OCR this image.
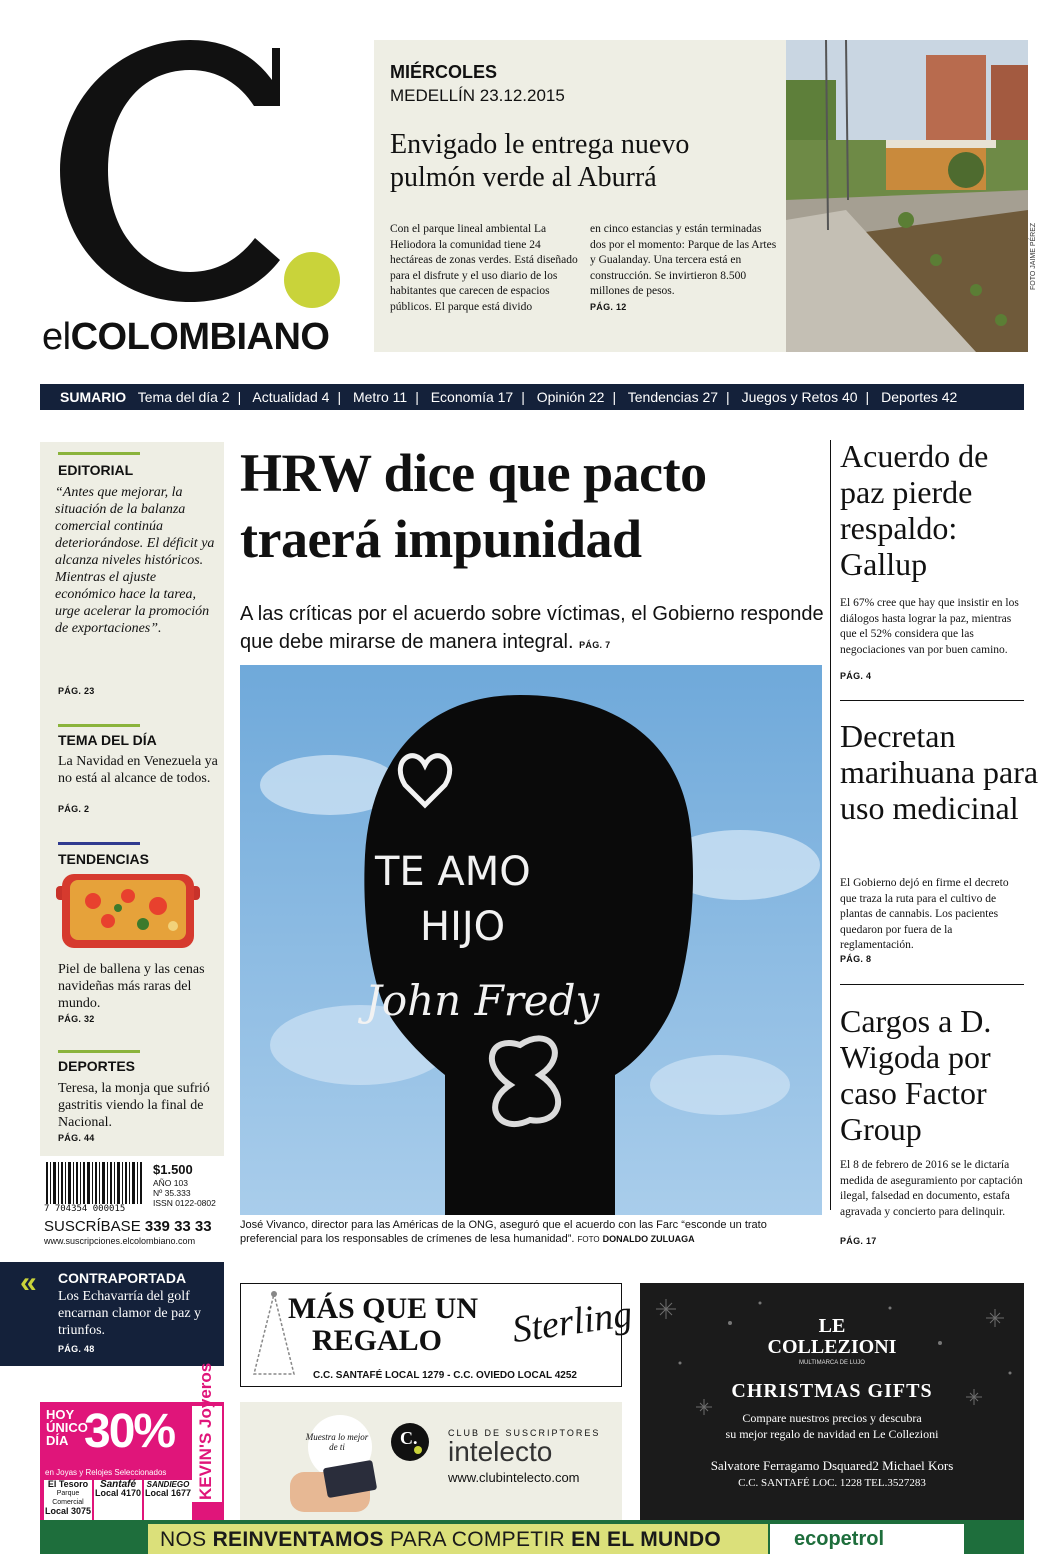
elCOLOMBIANO
MIÉRCOLES
MEDELLÍN 23.12.2015
Envigado le entrega nuevo pulmón verde al Aburrá
Con el parque lineal ambiental La Heliodora la comunidad tiene 24 hectáreas de zonas verdes. Está diseñado para el disfrute y el uso diario de los habitantes que carecen de espacios públicos. El parque está divido
en cinco estancias y están terminadas dos por el momento: Parque de las Artes y Gualanday. Una tercera está en construcción. Se invirtieron 8.500 millones de pesos.
PÁG. 12
FOTO JAIME PÉREZ
SUMARIO Tema del día 2 | Actualidad 4 | Metro 11 | Economía 17 | Opinión 22 | Tendencias 27 | Juegos y Retos 40 | Deportes 42
EDITORIAL
“Antes que mejorar, la situación de la balanza comercial continúa deteriorándose. El déficit ya alcanza niveles históricos. Mientras el ajuste económico hace la tarea, urge acelerar la promoción de exportaciones”.
PÁG. 23
TEMA DEL DÍA
La Navidad en Venezuela ya no está al alcance de todos.
PÁG. 2
TENDENCIAS
Piel de ballena y las cenas navideñas más raras del mundo.
PÁG. 32
DEPORTES
Teresa, la monja que sufrió gastritis viendo la final de Nacional.
PÁG. 44
7 704354 000015
$1.500
AÑO 103
Nº 35.333
ISSN 0122-0802
SUSCRÍBASE 339 33 33
www.suscripciones.elcolombiano.com
« CONTRAPORTADA
Los Echavarría del golf encarnan clamor de paz y triunfos.
PÁG. 48
HRW dice que pacto traerá impunidad
A las críticas por el acuerdo sobre víctimas, el Gobierno responde que debe mirarse de manera integral. PÁG. 7
TE AMO
HIJO
John Fredy
José Vivanco, director para las Américas de la ONG, aseguró que el acuerdo con las Farc “esconde un trato preferencial para los responsables de crímenes de lesa humanidad”. FOTO DONALDO ZULUAGA
Acuerdo de paz pierde respaldo: Gallup
El 67% cree que hay que insistir en los diálogos hasta lograr la paz, mientras que el 52% considera que las negociaciones van por buen camino.
PÁG. 4
Decretan marihuana para uso medicinal
El Gobierno dejó en firme el decreto que traza la ruta para el cultivo de plantas de cannabis. Los pacientes quedaron por fuera de la reglamentación.
PÁG. 8
Cargos a D. Wigoda por caso Factor Group
El 8 de febrero de 2016 se le dictaría medida de aseguramiento por captación ilegal, falsedad en documento, estafa agravada y concierto para delinquir.
PÁG. 17
MÁS QUE UN
REGALO Sterling
C.C. SANTAFÉ LOCAL 1279 - C.C. OVIEDO LOCAL 4252
LE
COLLEZIONI
MULTIMARCA DE LUJO
CHRISTMAS GIFTS
Compare nuestros precios y descubra
su mejor regalo de navidad en Le Collezioni
Salvatore Ferragamo Dsquared2 Michael Kors
C.C. SANTAFÉ LOC. 1228 TEL.3527283
HOY
ÚNICO
DÍA 30%
en Joyas y Relojes Seleccionados KEVIN'S Joyeros
El Tesoro
Parque Comercial
Local 3075
Santafé
Local 4170
SANDIEGO
Local 1677
Muestra lo mejor de ti	C.	CLUB DE SUSCRIPTORES
intelecto
www.clubintelecto.com
NOS REINVENTAMOS PARA COMPETIR EN EL MUNDO	ecopetrol
